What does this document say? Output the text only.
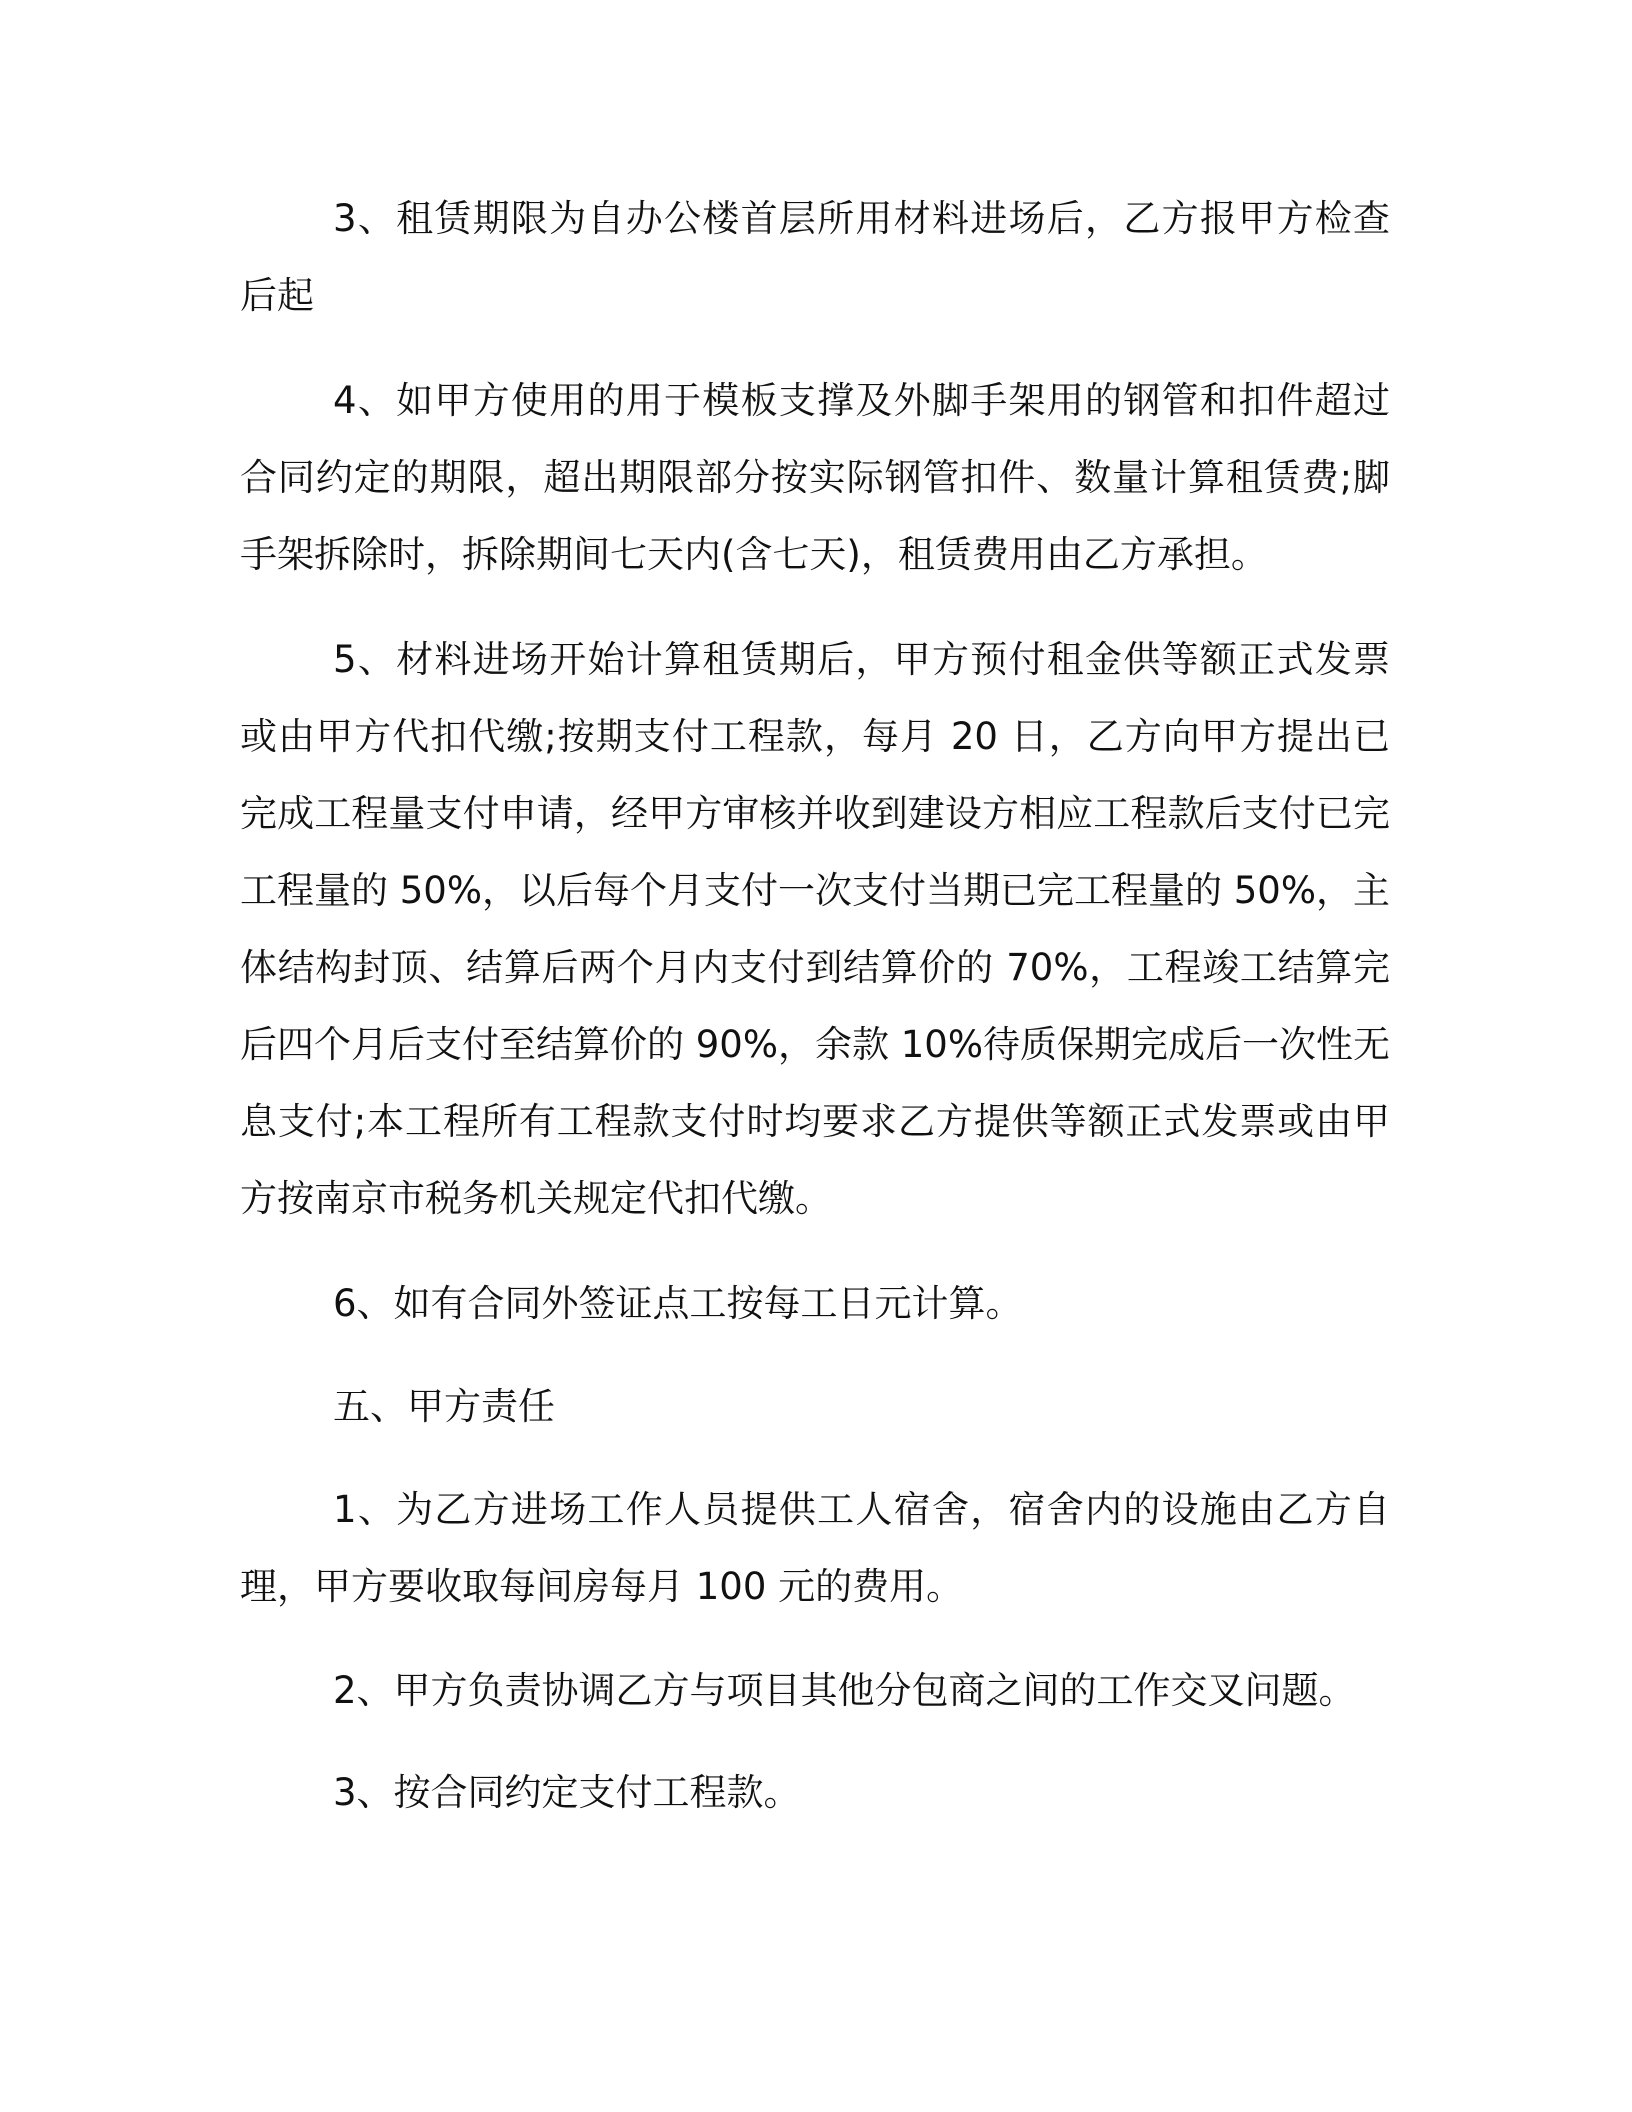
3、租赁期限为自办公楼首层所用材料进场后，乙方报甲方检查后起

4、如甲方使用的用于模板支撑及外脚手架用的钢管和扣件超过合同约定的期限，超出期限部分按实际钢管扣件、数量计算租赁费;脚手架拆除时，拆除期间七天内(含七天)，租赁费用由乙方承担。

5、材料进场开始计算租赁期后，甲方预付租金供等额正式发票或由甲方代扣代缴;按期支付工程款，每月 20 日，乙方向甲方提出已完成工程量支付申请，经甲方审核并收到建设方相应工程款后支付已完工程量的 50%，以后每个月支付一次支付当期已完工程量的 50%，主体结构封顶、结算后两个月内支付到结算价的 70%，工程竣工结算完后四个月后支付至结算价的 90%，余款 10%待质保期完成后一次性无息支付;本工程所有工程款支付时均要求乙方提供等额正式发票或由甲方按南京市税务机关规定代扣代缴。

6、如有合同外签证点工按每工日元计算。

五、甲方责任

1、为乙方进场工作人员提供工人宿舍，宿舍内的设施由乙方自理，甲方要收取每间房每月 100 元的费用。

2、甲方负责协调乙方与项目其他分包商之间的工作交叉问题。

3、按合同约定支付工程款。
